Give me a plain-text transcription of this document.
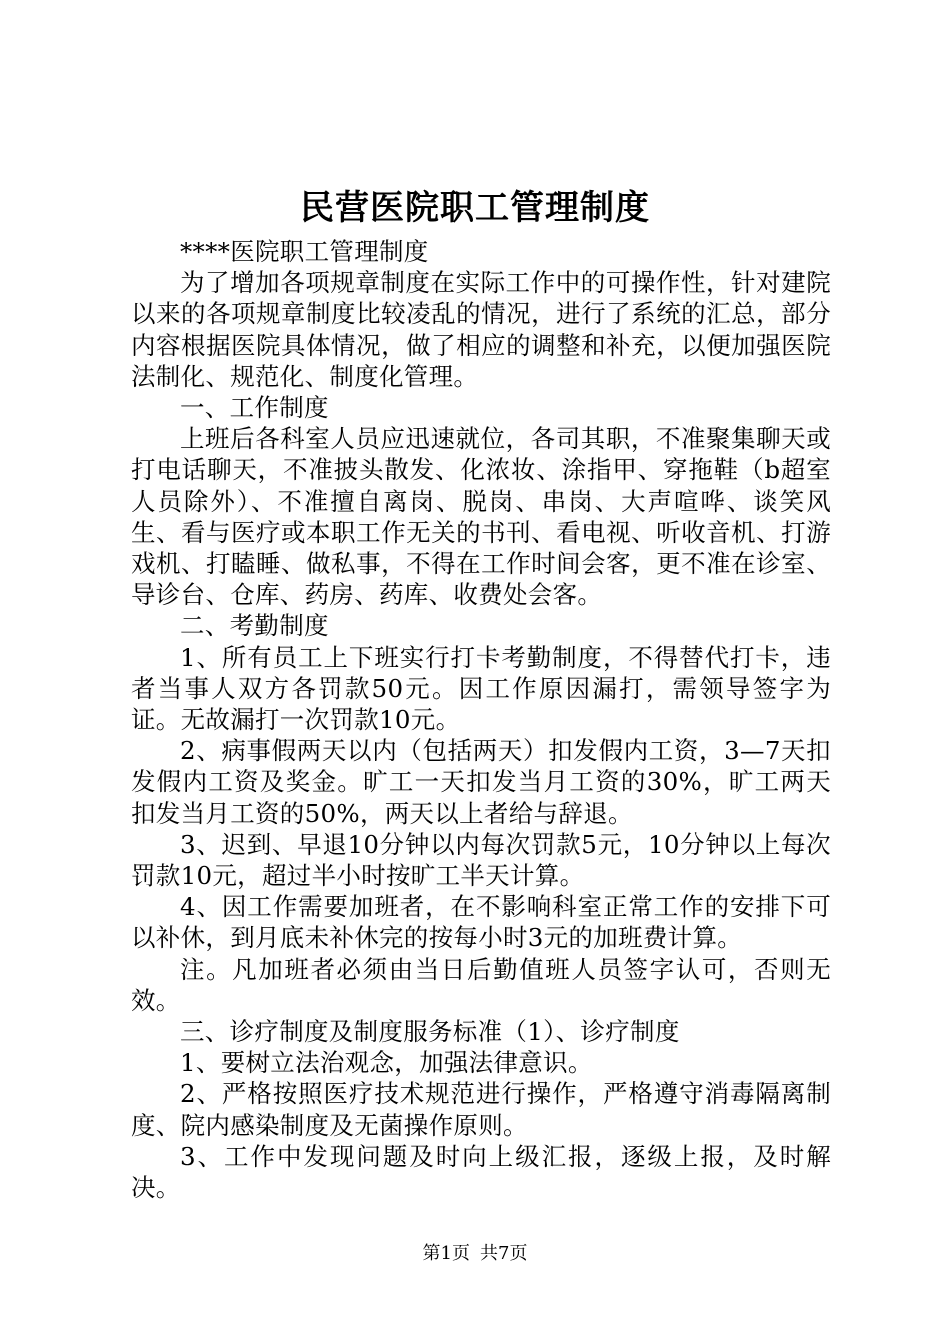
民营医院职工管理制度

****医院职工管理制度

为了增加各项规章制度在实际工作中的可操作性，针对建院以来的各项规章制度比较凌乱的情况，进行了系统的汇总，部分内容根据医院具体情况，做了相应的调整和补充，以便加强医院法制化、规范化、制度化管理。

一、工作制度

上班后各科室人员应迅速就位，各司其职，不准聚集聊天或打电话聊天，不准披头散发、化浓妆、涂指甲、穿拖鞋（b超室人员除外）、不准擅自离岗、脱岗、串岗、大声喧哗、谈笑风生、看与医疗或本职工作无关的书刊、看电视、听收音机、打游戏机、打瞌睡、做私事，不得在工作时间会客，更不准在诊室、导诊台、仓库、药房、药库、收费处会客。

二、考勤制度

1、所有员工上下班实行打卡考勤制度，不得替代打卡，违者当事人双方各罚款50元。因工作原因漏打，需领导签字为证。无故漏打一次罚款10元。

2、病事假两天以内（包括两天）扣发假内工资，3—7天扣发假内工资及奖金。旷工一天扣发当月工资的30%，旷工两天扣发当月工资的50%，两天以上者给与辞退。

3、迟到、早退10分钟以内每次罚款5元，10分钟以上每次罚款10元，超过半小时按旷工半天计算。

4、因工作需要加班者，在不影响科室正常工作的安排下可以补休，到月底未补休完的按每小时3元的加班费计算。

注。凡加班者必须由当日后勤值班人员签字认可，否则无效。

三、诊疗制度及制度服务标准（1）、诊疗制度

1、要树立法治观念，加强法律意识。

2、严格按照医疗技术规范进行操作，严格遵守消毒隔离制度、院内感染制度及无菌操作原则。

3、工作中发现问题及时向上级汇报，逐级上报，及时解决。

第1页 共7页
